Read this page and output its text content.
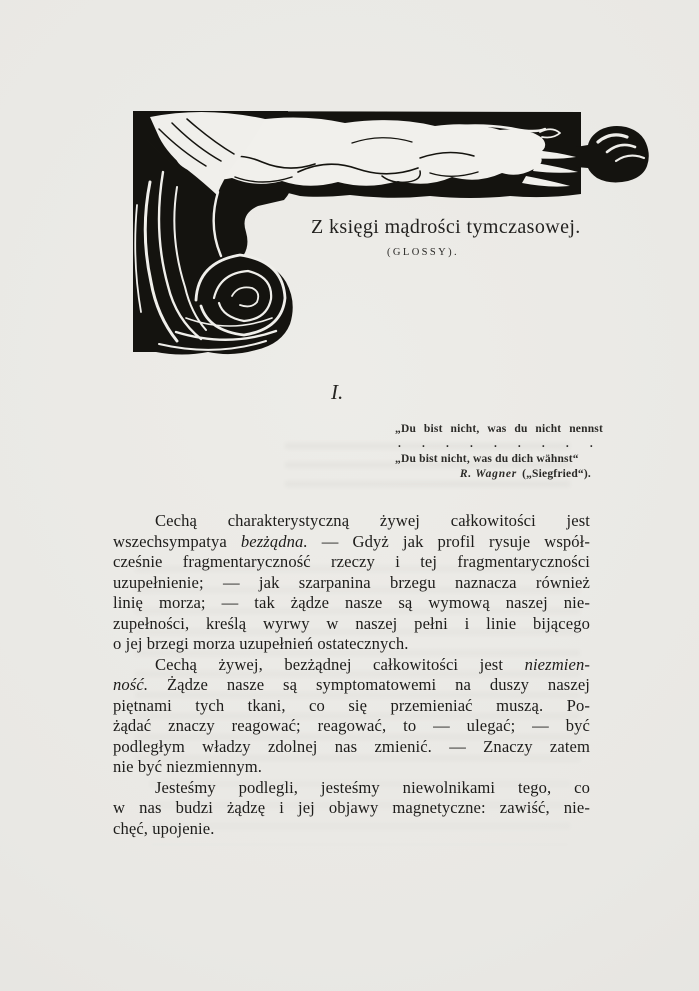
Z księgi mądrości tymczasowej.
(GLOSSY).
I.
„Du bist nicht, was du nicht nennst
. . . . . . . . .
„Du bist nicht, was du dich wähnst“
R. Wagner („Siegfried“).
Cechą charakterystyczną żywej całkowitości jest
wszechsympatya bezżądna. — Gdyż jak profil rysuje współ-
cześnie fragmentaryczność rzeczy i tej fragmentaryczności
uzupełnienie; — jak szarpanina brzegu naznacza również
linię morza; — tak żądze nasze są wymową naszej nie-
zupełności, kreślą wyrwy w naszej pełni i linie bijącego
o jej brzegi morza uzupełnień ostatecznych.
Cechą żywej, bezżądnej całkowitości jest niezmien-
ność. Żądze nasze są symptomatowemi na duszy naszej
piętnami tych tkani, co się przemieniać muszą. Po-
żądać znaczy reagować; reagować, to — ulegać; — być
podległym władzy zdolnej nas zmienić. — Znaczy zatem
nie być niezmiennym.
Jesteśmy podlegli, jesteśmy niewolnikami tego, co
w nas budzi żądzę i jej objawy magnetyczne: zawiść, nie-
chęć, upojenie.
